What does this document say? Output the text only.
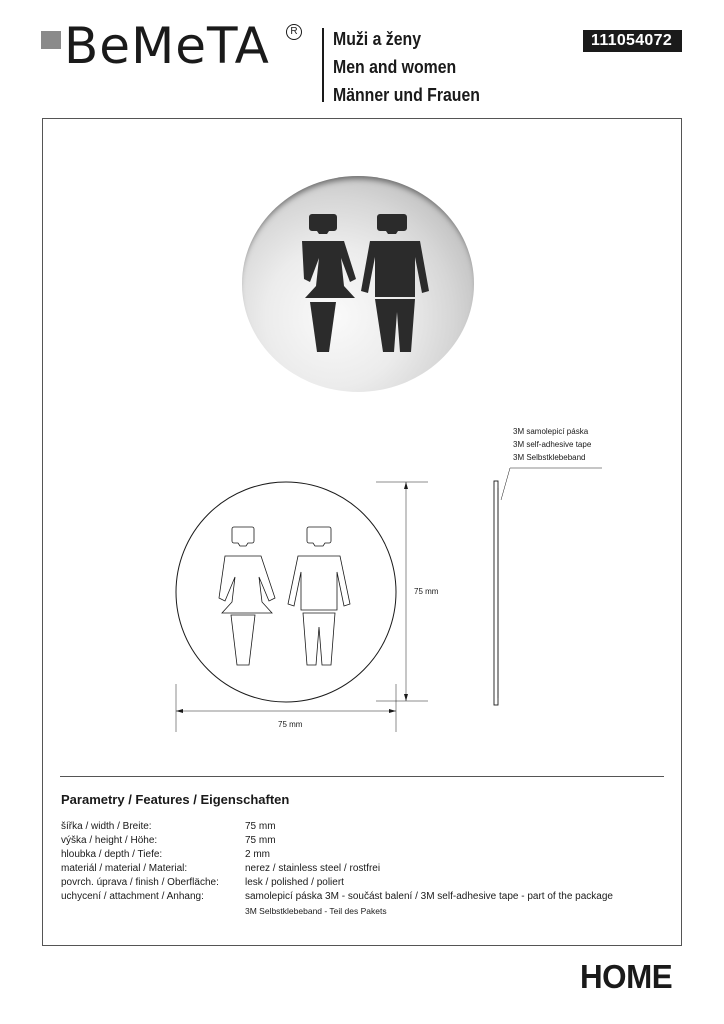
BeMeTA	R Muži a ženy
Men and women
Männer und Frauen
111054072
75 mm
75 mm
3M samolepicí páska
3M self-adhesive tape
3M Selbstklebeband
Parametry / Features / Eigenschaften
šířka / width / Breite:	75 mm
výška / height / Höhe:	75 mm
hloubka / depth / Tiefe:	2 mm
materiál / material / Material:	nerez / stainless steel / rostfrei
povrch. úprava / finish / Oberfläche:	lesk / polished / poliert
uchycení / attachment / Anhang:	samolepicí páska 3M - součást balení / 3M self-adhesive tape - part of the package
3M Selbstklebeband - Teil des Pakets
HOME
